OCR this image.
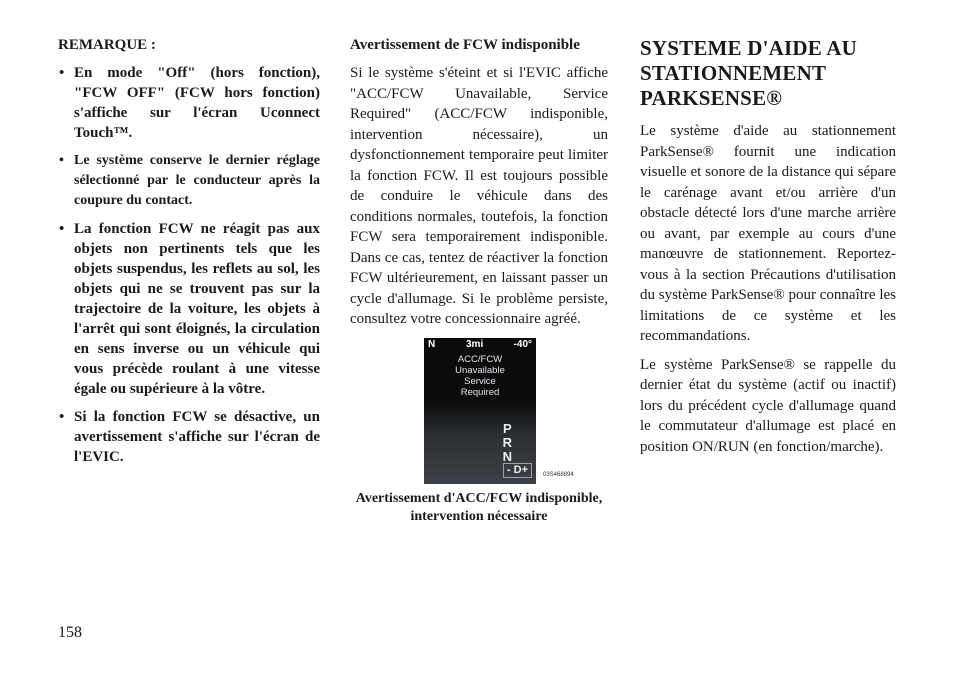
REMARQUE :
• En mode "Off" (hors fonction), "FCW OFF" (FCW hors fonction) s'affiche sur l'écran Uconnect Touch™.
• Le système conserve le dernier réglage sélectionné par le conducteur après la coupure du contact.
• La fonction FCW ne réagit pas aux objets non pertinents tels que les objets suspendus, les reflets au sol, les objets qui ne se trouvent pas sur la trajectoire de la voiture, les objets à l'arrêt qui sont éloignés, la circulation en sens inverse ou un véhicule qui vous précède roulant à une vitesse égale ou supérieure à la vôtre.
• Si la fonction FCW se désactive, un avertissement s'affiche sur l'écran de l'EVIC.
Avertissement de FCW indisponible

Si le système s'éteint et si l'EVIC affiche "ACC/FCW Unavailable, Service Required" (ACC/FCW indisponible, intervention nécessaire), un dysfonctionnement temporaire peut limiter la fonction FCW. Il est toujours possible de conduire le véhicule dans des conditions normales, toutefois, la fonction FCW sera temporairement indisponible. Dans ce cas, tentez de réactiver la fonction FCW ultérieurement, en laissant passer un cycle d'allumage. Si le problème persiste, consultez votre concessionnaire agréé.

N	3mi	-40°
ACC/FCW
Unavailable
Service
Required
P
R
N
- D+	03S468894
Avertissement d'ACC/FCW indisponible, intervention nécessaire
SYSTEME D'AIDE AU STATIONNEMENT PARKSENSE®

Le système d'aide au stationnement ParkSense® fournit une indication visuelle et sonore de la distance qui sépare le carénage avant et/ou arrière d'un obstacle détecté lors d'une marche arrière ou avant, par exemple au cours d'une manœuvre de stationnement. Reportez-vous à la section Précautions d'utilisation du système ParkSense® pour connaître les limitations de ce système et les recommandations.

Le système ParkSense® se rappelle du dernier état du système (actif ou inactif) lors du précédent cycle d'allumage quand le commutateur d'allumage est placé en position ON/RUN (en fonction/marche).

158
